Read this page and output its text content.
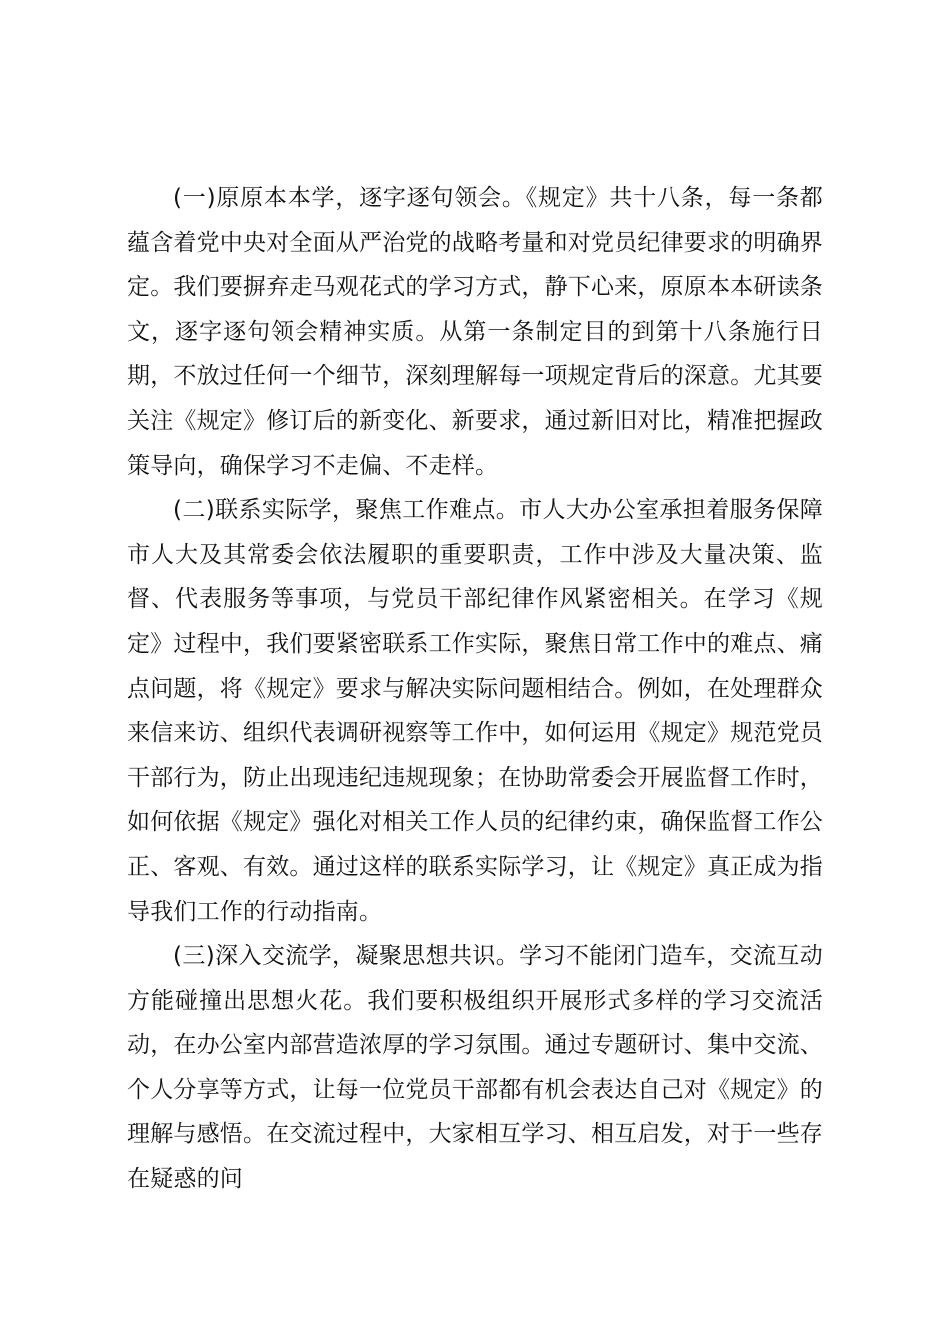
(一)原原本本学，逐字逐句领会。《规定》共十八条，每一条都蕴含着党中央对全面从严治党的战略考量和对党员纪律要求的明确界定。我们要摒弃走马观花式的学习方式，静下心来，原原本本研读条文，逐字逐句领会精神实质。从第一条制定目的到第十八条施行日期，不放过任何一个细节，深刻理解每一项规定背后的深意。尤其要关注《规定》修订后的新变化、新要求，通过新旧对比，精准把握政策导向，确保学习不走偏、不走样。

(二)联系实际学，聚焦工作难点。市人大办公室承担着服务保障市人大及其常委会依法履职的重要职责，工作中涉及大量决策、监督、代表服务等事项，与党员干部纪律作风紧密相关。在学习《规定》过程中，我们要紧密联系工作实际，聚焦日常工作中的难点、痛点问题，将《规定》要求与解决实际问题相结合。例如，在处理群众来信来访、组织代表调研视察等工作中，如何运用《规定》规范党员干部行为，防止出现违纪违规现象；在协助常委会开展监督工作时，如何依据《规定》强化对相关工作人员的纪律约束，确保监督工作公正、客观、有效。通过这样的联系实际学习，让《规定》真正成为指导我们工作的行动指南。

(三)深入交流学，凝聚思想共识。学习不能闭门造车，交流互动方能碰撞出思想火花。我们要积极组织开展形式多样的学习交流活动，在办公室内部营造浓厚的学习氛围。通过专题研讨、集中交流、个人分享等方式，让每一位党员干部都有机会表达自己对《规定》的理解与感悟。在交流过程中，大家相互学习、相互启发，对于一些存在疑惑的问
